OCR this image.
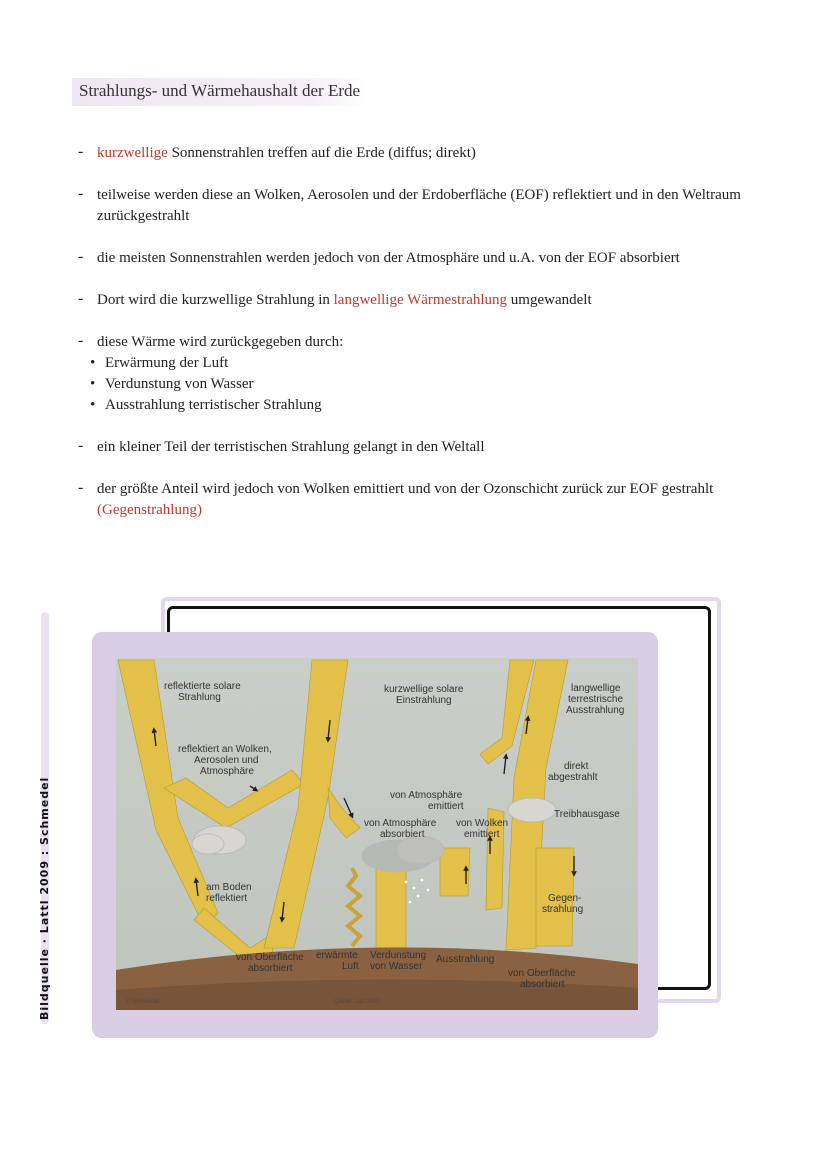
Strahlungs- und Wärmehaushalt der Erde
- kurzwellige Sonnenstrahlen treffen auf die Erde (diffus; direkt)
- teilweise werden diese an Wolken, Aerosolen und der Erdoberfläche (EOF) reflektiert und in den Weltraum zurückgestrahlt
- die meisten Sonnenstrahlen werden jedoch von der Atmosphäre und u.A. von der EOF absorbiert
- Dort wird die kurzwellige Strahlung in langwellige Wärmestrahlung umgewandelt
- diese Wärme wird zurückgegeben durch:
• Erwärmung der Luft
• Verdunstung von Wasser
• Ausstrahlung terristischer Strahlung
- ein kleiner Teil der terristischen Strahlung gelangt in den Weltall
- der größte Anteil wird jedoch von Wolken emittiert und von der Ozonschicht zurück zur EOF gestrahlt (Gegenstrahlung)
Bildquelle · Lattl 2009 : Schmedel
reflektierte solare
Strahlung
kurzwellige solare
Einstrahlung
langwellige
terrestrische
Ausstrahlung
reflektiert an Wolken,
Aerosolen und
Atmosphäre	direkt
abgestrahlt
von Atmosphäre
emittiert
Treibhausgase
von Atmosphäre
absorbiert
von Wolken
emittiert
am Boden
reflektiert	Gegen-
strahlung
von Oberfläche
absorbiert
erwärmte
Luft
Verdunstung
von Wasser
Ausstrahlung
von Oberfläche
absorbiert
© Schroedel	Quelle: Latf 2009
